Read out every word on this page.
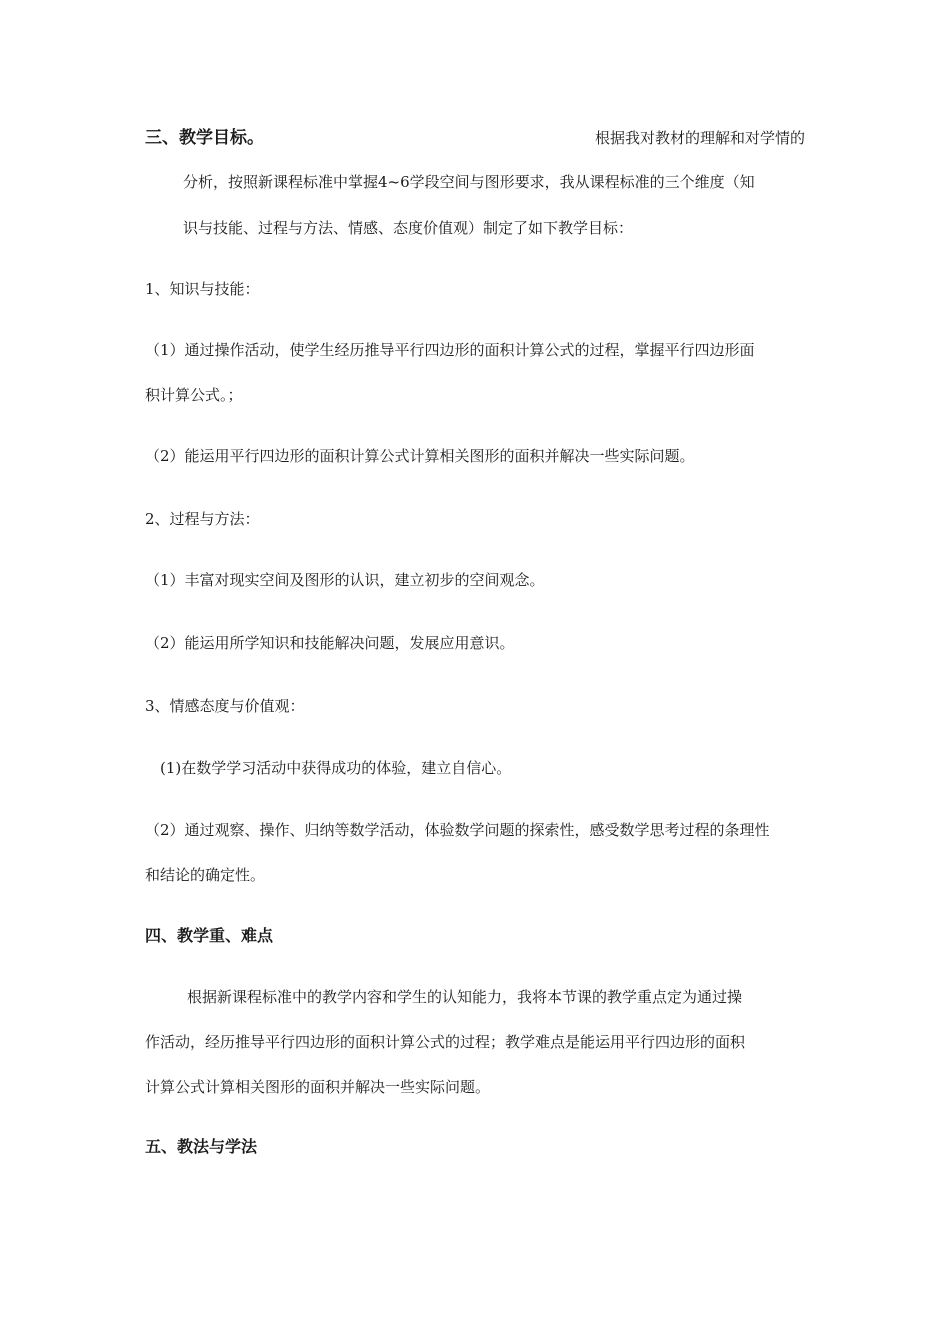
三、教学目标。	根据我对教材的理解和对学情的
分析，按照新课程标准中掌握4~6学段空间与图形要求，我从课程标准的三个维度（知
识与技能、过程与方法、情感、态度价值观）制定了如下教学目标：
1、知识与技能：
（1）通过操作活动，使学生经历推导平行四边形的面积计算公式的过程，掌握平行四边形面
积计算公式。；
（2）能运用平行四边形的面积计算公式计算相关图形的面积并解决一些实际问题。
2、过程与方法：
（1）丰富对现实空间及图形的认识，建立初步的空间观念。
（2）能运用所学知识和技能解决问题，发展应用意识。
3、情感态度与价值观：
(1)在数学学习活动中获得成功的体验，建立自信心。
（2）通过观察、操作、归纳等数学活动，体验数学问题的探索性，感受数学思考过程的条理性
和结论的确定性。
四、教学重、难点
根据新课程标准中的教学内容和学生的认知能力，我将本节课的教学重点定为通过操
作活动，经历推导平行四边形的面积计算公式的过程；教学难点是能运用平行四边形的面积
计算公式计算相关图形的面积并解决一些实际问题。
五、教法与学法
